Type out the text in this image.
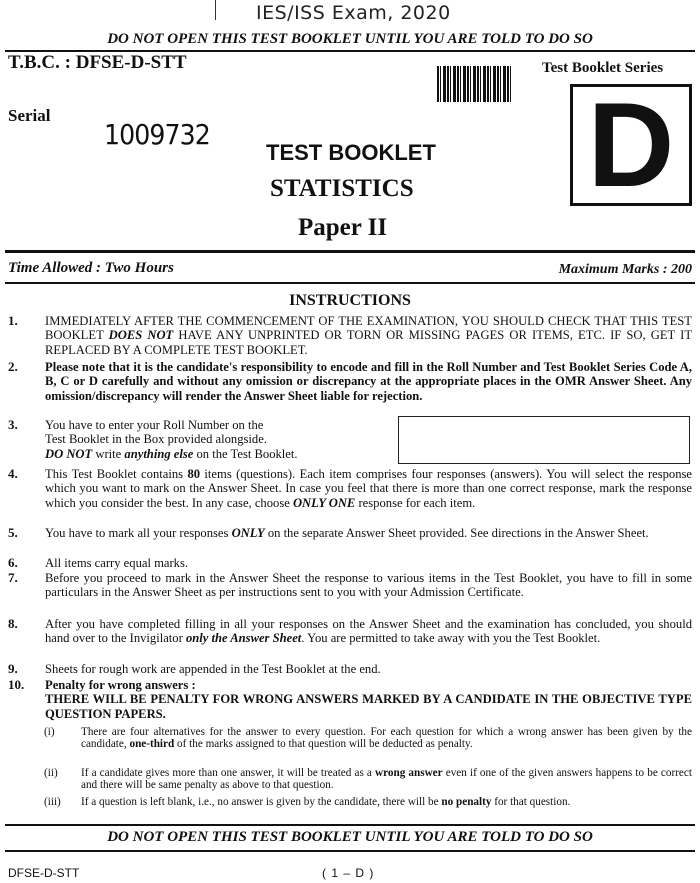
IES/ISS Exam, 2020
DO NOT OPEN THIS TEST BOOKLET UNTIL YOU ARE TOLD TO DO SO
T.B.C. : DFSE-D-STT
Serial
1009732
Test Booklet Series
D
TEST BOOKLET
STATISTICS
Paper II
Time Allowed : Two Hours	Maximum Marks : 200
INSTRUCTIONS
1. IMMEDIATELY AFTER THE COMMENCEMENT OF THE EXAMINATION, YOU SHOULD CHECK THAT THIS TEST BOOKLET DOES NOT HAVE ANY UNPRINTED OR TORN OR MISSING PAGES OR ITEMS, ETC. IF SO, GET IT REPLACED BY A COMPLETE TEST BOOKLET.
2. Please note that it is the candidate's responsibility to encode and fill in the Roll Number and Test Booklet Series Code A, B, C or D carefully and without any omission or discrepancy at the appropriate places in the OMR Answer Sheet. Any omission/discrepancy will render the Answer Sheet liable for rejection.
3. You have to enter your Roll Number on the
Test Booklet in the Box provided alongside.
DO NOT write anything else on the Test Booklet.
4. This Test Booklet contains 80 items (questions). Each item comprises four responses (answers). You will select the response which you want to mark on the Answer Sheet. In case you feel that there is more than one correct response, mark the response which you consider the best. In any case, choose ONLY ONE response for each item.
5. You have to mark all your responses ONLY on the separate Answer Sheet provided. See directions in the Answer Sheet.
6. All items carry equal marks.
7. Before you proceed to mark in the Answer Sheet the response to various items in the Test Booklet, you have to fill in some particulars in the Answer Sheet as per instructions sent to you with your Admission Certificate.
8. After you have completed filling in all your responses on the Answer Sheet and the examination has concluded, you should hand over to the Invigilator only the Answer Sheet. You are permitted to take away with you the Test Booklet.
9. Sheets for rough work are appended in the Test Booklet at the end.
10. Penalty for wrong answers :
THERE WILL BE PENALTY FOR WRONG ANSWERS MARKED BY A CANDIDATE IN THE OBJECTIVE TYPE QUESTION PAPERS.
(i) There are four alternatives for the answer to every question. For each question for which a wrong answer has been given by the candidate, one-third of the marks assigned to that question will be deducted as penalty.
(ii) If a candidate gives more than one answer, it will be treated as a wrong answer even if one of the given answers happens to be correct and there will be same penalty as above to that question.
(iii) If a question is left blank, i.e., no answer is given by the candidate, there will be no penalty for that question.
DO NOT OPEN THIS TEST BOOKLET UNTIL YOU ARE TOLD TO DO SO
DFSE-D-STT	( 1 – D )
